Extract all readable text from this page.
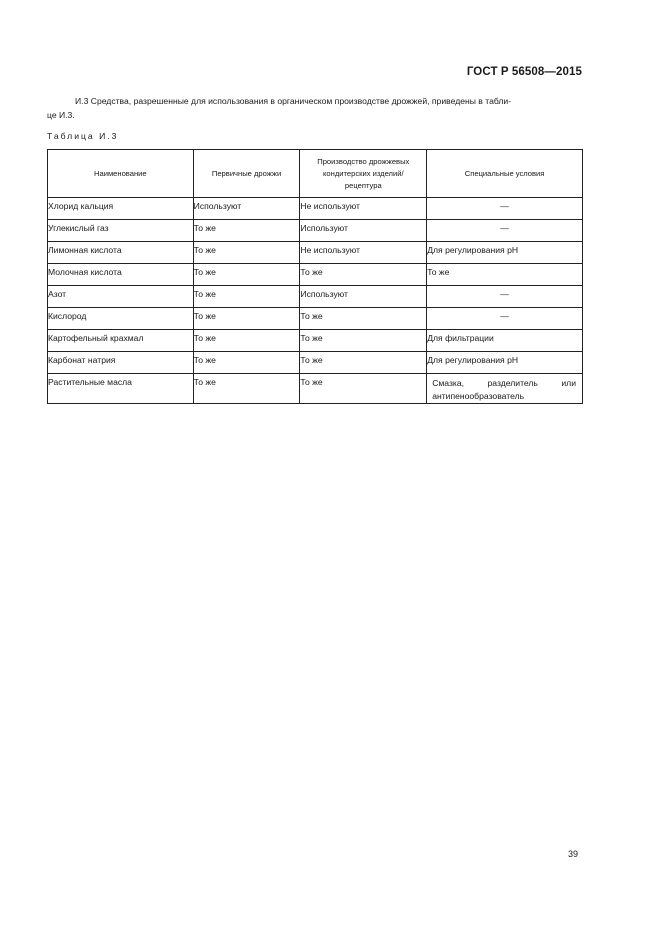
ГОСТ Р 56508—2015
И.3 Средства, разрешенные для использования в органическом производстве дрожжей, приведены в табли-
це И.3.
Таблица И.3
Наименование	Первичные дрожжи	Производство дрожжевых кондитерских изделий/рецептура	Специальные условия
Хлорид кальция	Используют	Не используют	—
Углекислый газ	То же	Используют	—
Лимонная кислота	То же	Не используют	Для регулирования pH
Молочная кислота	То же	То же	То же
Азот	То же	Используют	—
Кислород	То же	То же	—
Картофельный крахмал	То же	То же	Для фильтрации
Карбонат натрия	То же	То же	Для регулирования pH
Растительные масла	То же	То же	Смазка, разделитель или антипенообразователь
39
